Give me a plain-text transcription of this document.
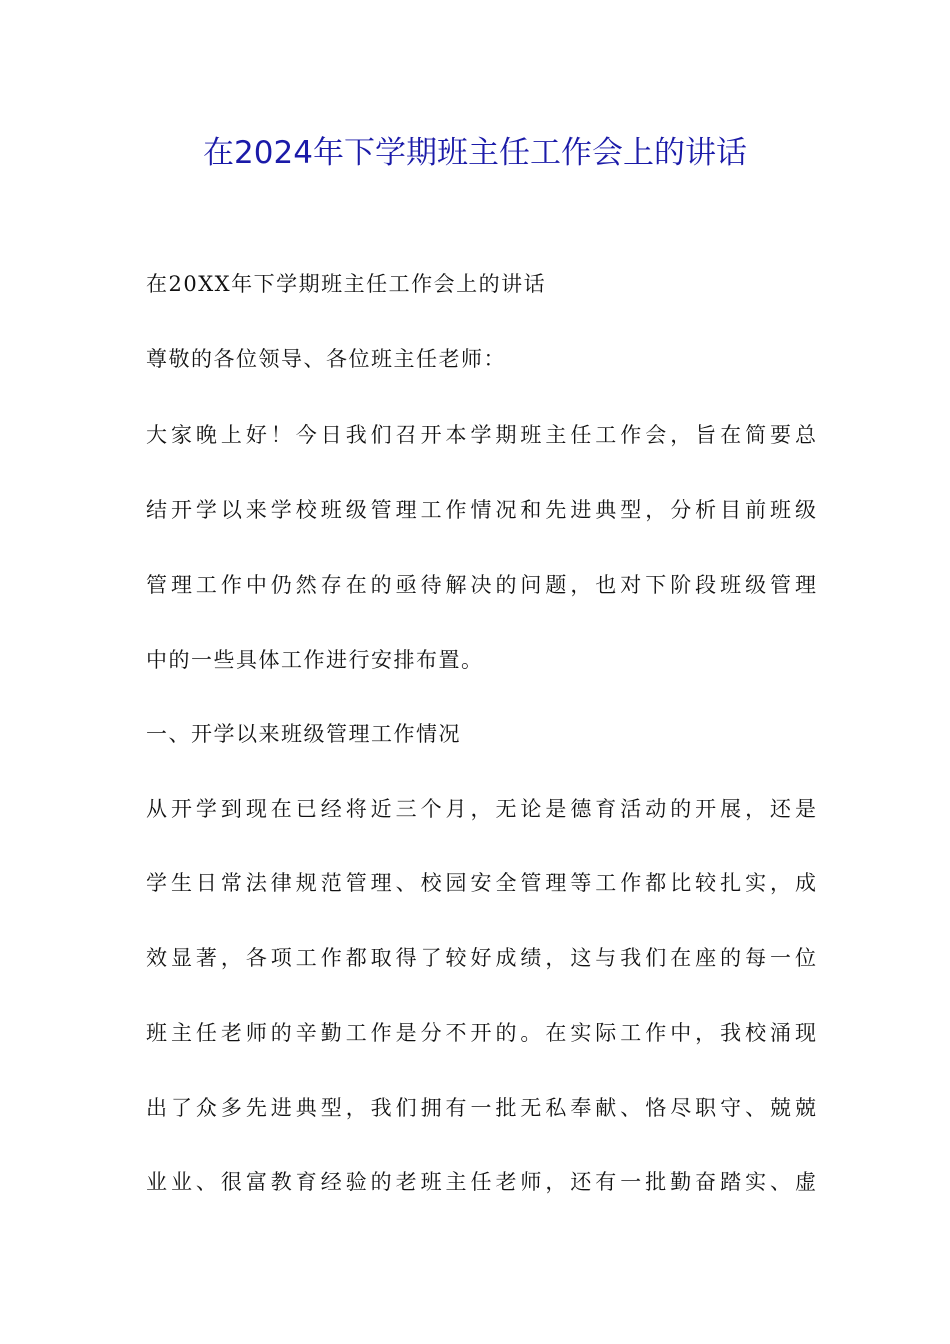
在2024年下学期班主任工作会上的讲话

在20XX年下学期班主任工作会上的讲话

尊敬的各位领导、各位班主任老师：

大家晚上好！今日我们召开本学期班主任工作会，旨在简要总

结开学以来学校班级管理工作情况和先进典型，分析目前班级

管理工作中仍然存在的亟待解决的问题，也对下阶段班级管理

中的一些具体工作进行安排布置。

一、开学以来班级管理工作情况

从开学到现在已经将近三个月，无论是德育活动的开展，还是

学生日常法律规范管理、校园安全管理等工作都比较扎实，成

效显著，各项工作都取得了较好成绩，这与我们在座的每一位

班主任老师的辛勤工作是分不开的。在实际工作中，我校涌现

出了众多先进典型，我们拥有一批无私奉献、恪尽职守、兢兢

业业、很富教育经验的老班主任老师，还有一批勤奋踏实、虚
